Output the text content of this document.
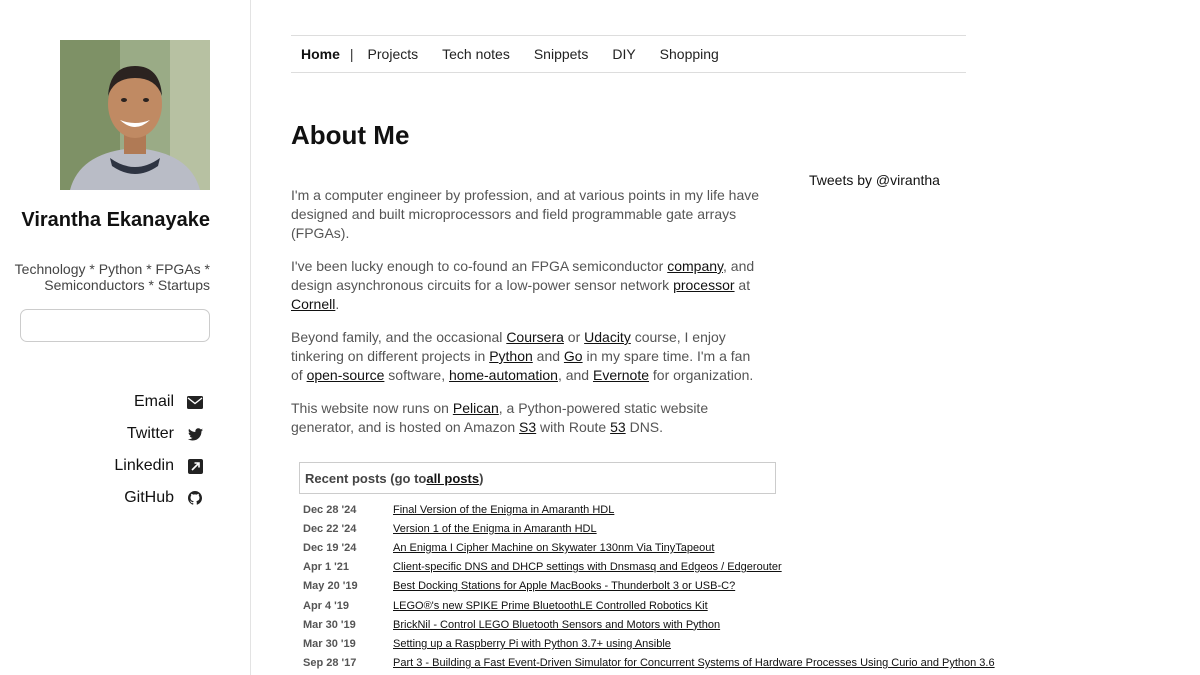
Virantha Ekanayake
Technology * Python * FPGAs * Semiconductors * Startups
Email
Twitter
Linkedin
GitHub
Home | Projects Tech notes Snippets DIY Shopping
About Me
Tweets by @virantha

I'm a computer engineer by profession, and at various points in my life have designed and built microprocessors and field programmable gate arrays (FPGAs).

I've been lucky enough to co-found an FPGA semiconductor company, and design asynchronous circuits for a low-power sensor network processor at Cornell.

Beyond family, and the occasional Coursera or Udacity course, I enjoy tinkering on different projects in Python and Go in my spare time. I'm a fan of open-source software, home-automation, and Evernote for organization.

This website now runs on Pelican, a Python-powered static website generator, and is hosted on Amazon S3 with Route 53 DNS.

Recent posts (go to all posts )
Dec 28 '24	Final Version of the Enigma in Amaranth HDL
Dec 22 '24	Version 1 of the Enigma in Amaranth HDL
Dec 19 '24	An Enigma I Cipher Machine on Skywater 130nm Via TinyTapeout
Apr 1 '21	Client-specific DNS and DHCP settings with Dnsmasq and Edgeos / Edgerouter
May 20 '19	Best Docking Stations for Apple MacBooks - Thunderbolt 3 or USB-C?
Apr 4 '19	LEGO®'s new SPIKE Prime BluetoothLE Controlled Robotics Kit
Mar 30 '19	BrickNil - Control LEGO Bluetooth Sensors and Motors with Python
Mar 30 '19	Setting up a Raspberry Pi with Python 3.7+ using Ansible
Sep 28 '17	Part 3 - Building a Fast Event-Driven Simulator for Concurrent Systems of Hardware Processes Using Curio and Python 3.6
